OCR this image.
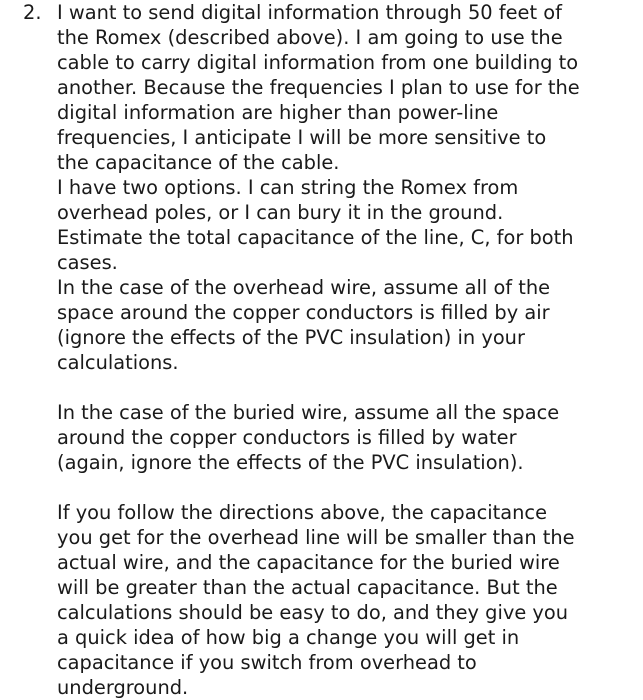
2. I want to send digital information through 50 feet of
the Romex (described above). I am going to use the
cable to carry digital information from one building to
another. Because the frequencies I plan to use for the
digital information are higher than power-line
frequencies, I anticipate I will be more sensitive to
the capacitance of the cable.
I have two options. I can string the Romex from
overhead poles, or I can bury it in the ground.
Estimate the total capacitance of the line, C, for both
cases.
In the case of the overhead wire, assume all of the
space around the copper conductors is filled by air
(ignore the effects of the PVC insulation) in your
calculations.
In the case of the buried wire, assume all the space
around the copper conductors is filled by water
(again, ignore the effects of the PVC insulation).
If you follow the directions above, the capacitance
you get for the overhead line will be smaller than the
actual wire, and the capacitance for the buried wire
will be greater than the actual capacitance. But the
calculations should be easy to do, and they give you
a quick idea of how big a change you will get in
capacitance if you switch from overhead to
underground.
